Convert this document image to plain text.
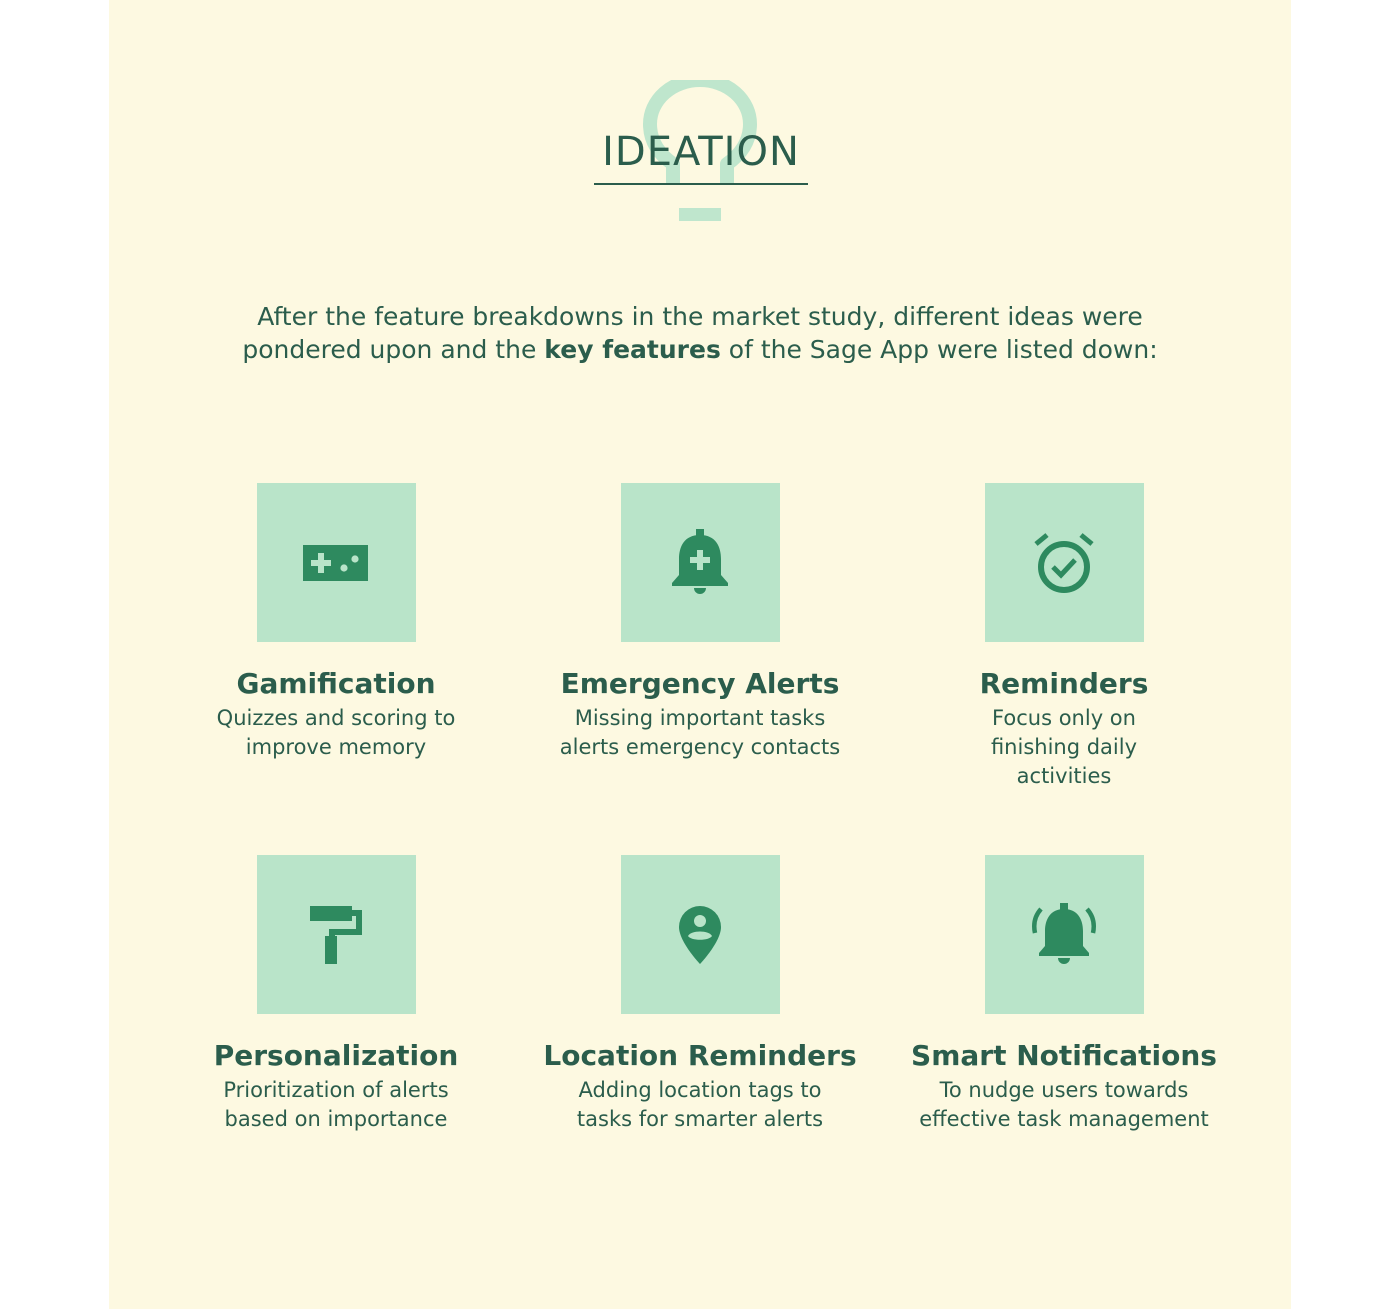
IDEATION

After the feature breakdowns in the market study, different ideas were
pondered upon and the key features of the Sage App were listed down:

Gamification

Quizzes and scoring to improve memory

Emergency Alerts

Missing important tasks alerts emergency contacts

Reminders

Focus only on finishing daily activities

Personalization

Prioritization of alerts based on importance

Location Reminders

Adding location tags to tasks for smarter alerts

Smart Notifications

To nudge users towards effective task management
